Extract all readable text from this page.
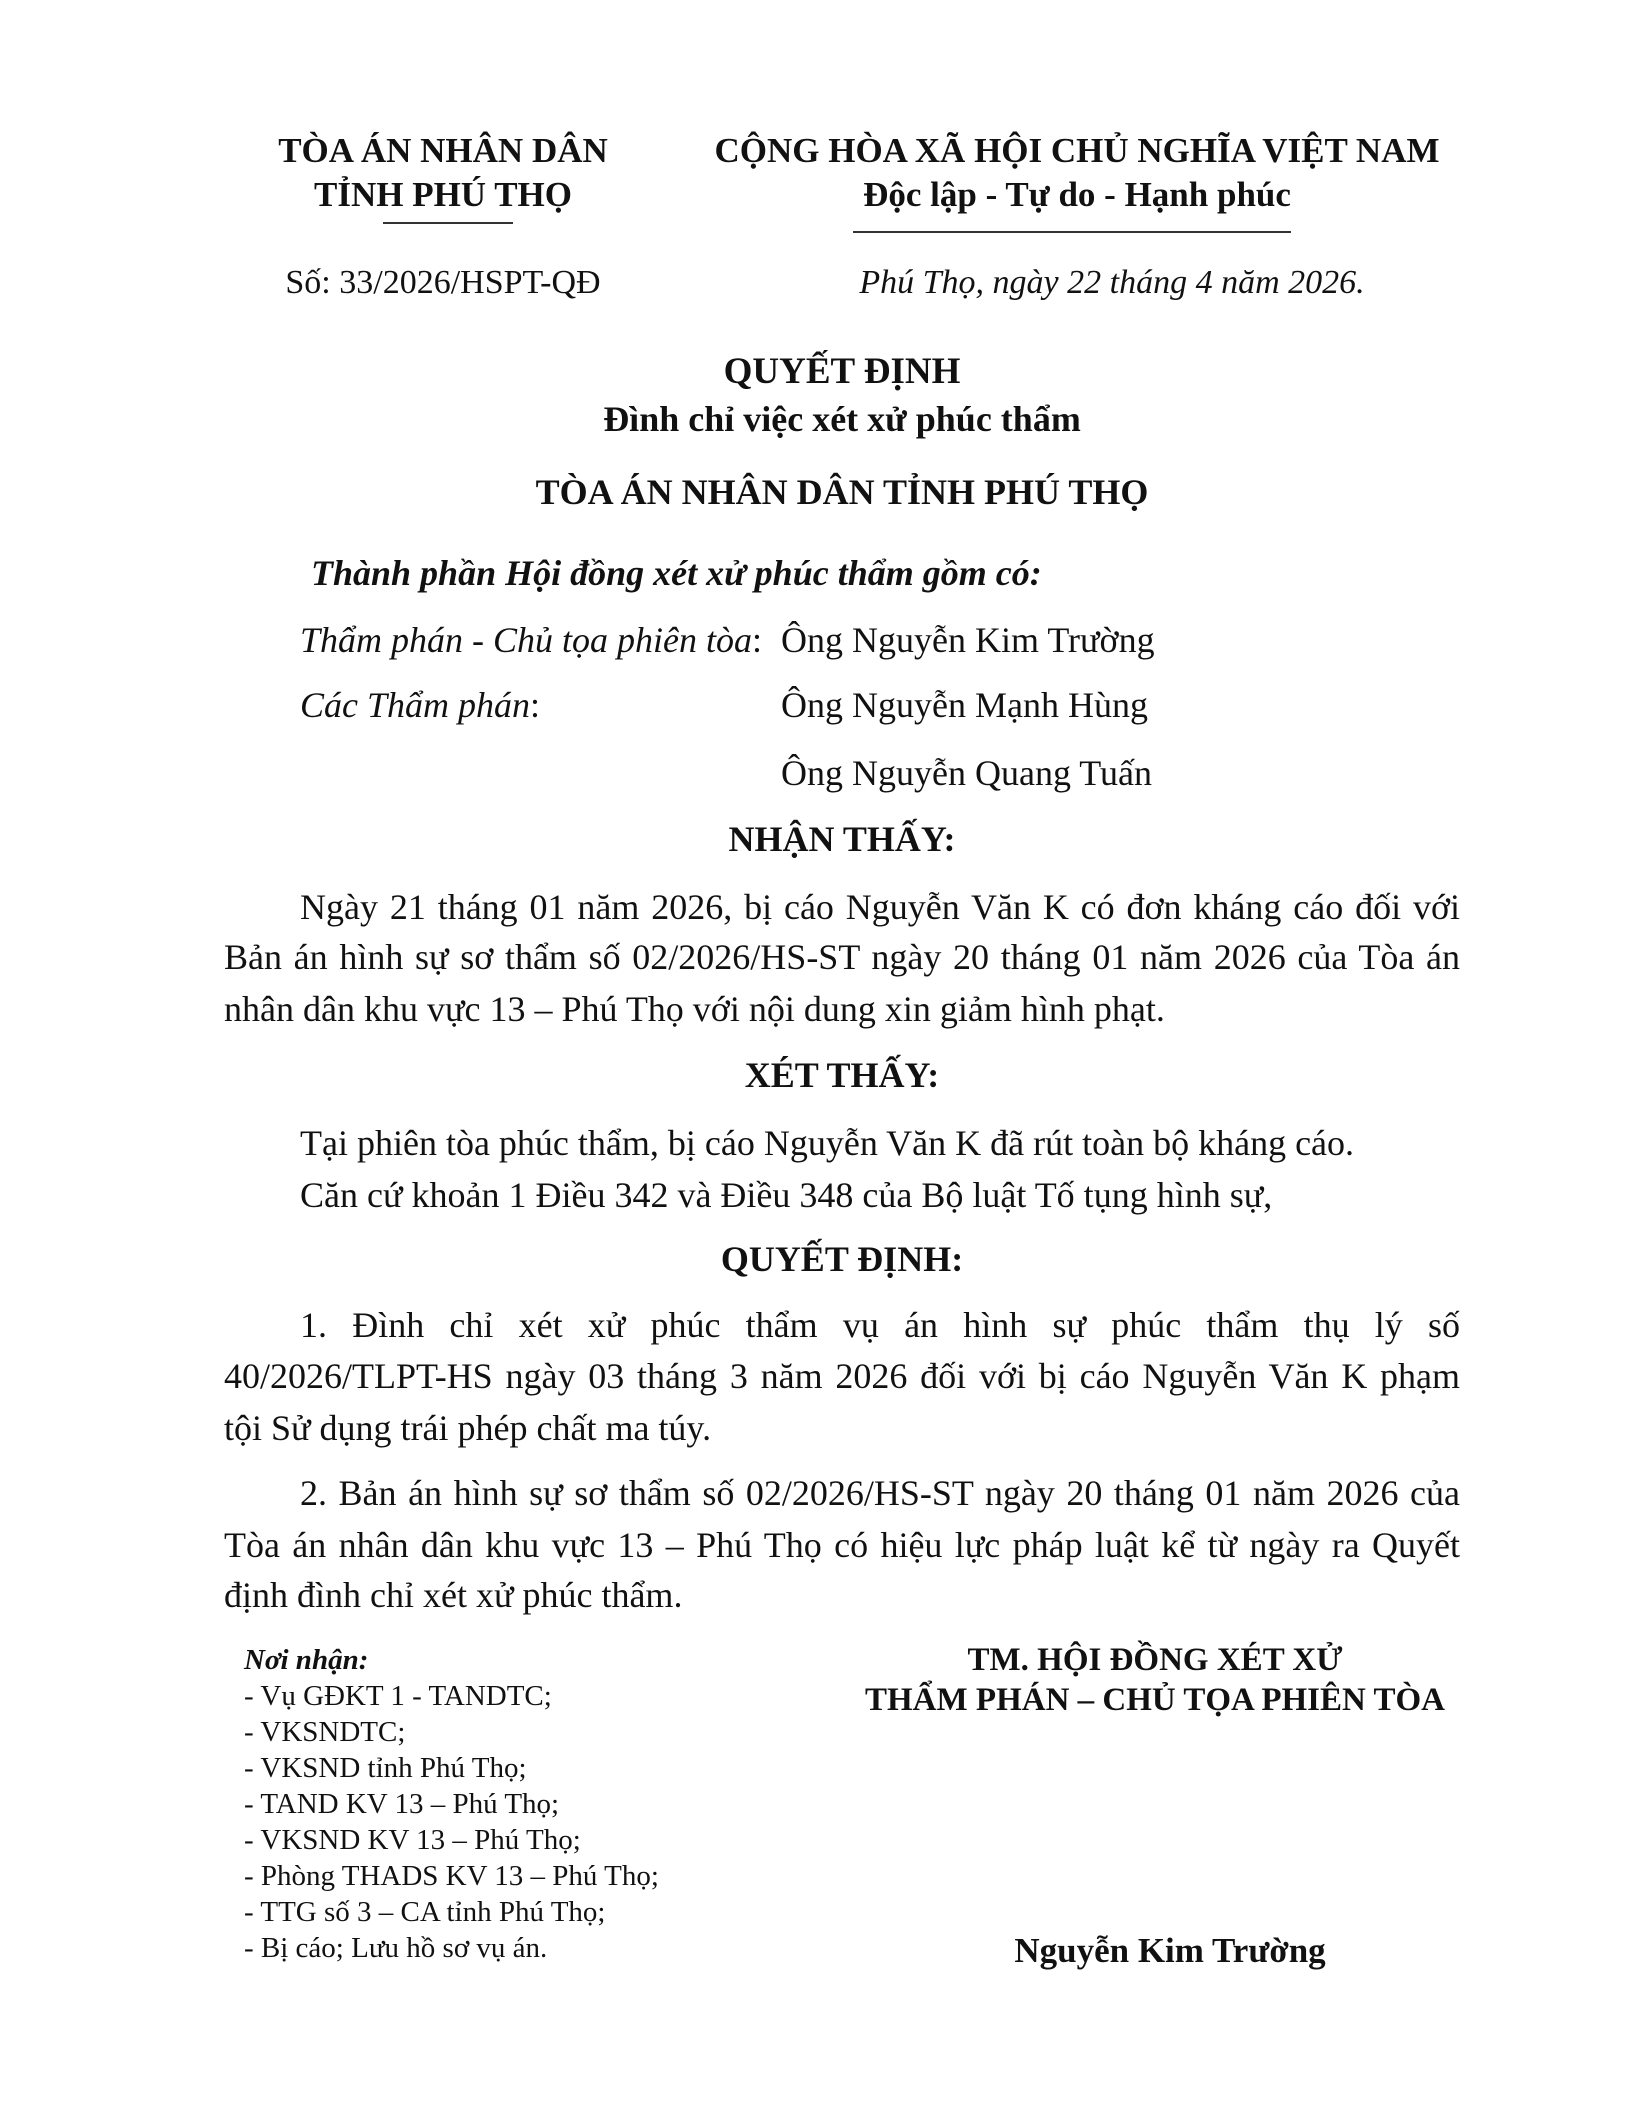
TÒA ÁN NHÂN DÂN
TỈNH PHÚ THỌ
CỘNG HÒA XÃ HỘI CHỦ NGHĨA VIỆT NAM
Độc lập - Tự do - Hạnh phúc
Số: 33/2026/HSPT-QĐ	Phú Thọ, ngày 22 tháng 4 năm 2026.
QUYẾT ĐỊNH
Đình chỉ việc xét xử phúc thẩm
TÒA ÁN NHÂN DÂN TỈNH PHÚ THỌ
Thành phần Hội đồng xét xử phúc thẩm gồm có:
Thẩm phán - Chủ tọa phiên tòa: Ông Nguyễn Kim Trường
Các Thẩm phán:	Ông Nguyễn Mạnh Hùng
Ông Nguyễn Quang Tuấn
NHẬN THẤY:
Ngày 21 tháng 01 năm 2026, bị cáo Nguyễn Văn K có đơn kháng cáo đối với
Bản án hình sự sơ thẩm số 02/2026/HS-ST ngày 20 tháng 01 năm 2026 của Tòa án
nhân dân khu vực 13 – Phú Thọ với nội dung xin giảm hình phạt.
XÉT THẤY:
Tại phiên tòa phúc thẩm, bị cáo Nguyễn Văn K đã rút toàn bộ kháng cáo.
Căn cứ khoản 1 Điều 342 và Điều 348 của Bộ luật Tố tụng hình sự,
QUYẾT ĐỊNH:
1. Đình chỉ xét xử phúc thẩm vụ án hình sự phúc thẩm thụ lý số
40/2026/TLPT-HS ngày 03 tháng 3 năm 2026 đối với bị cáo Nguyễn Văn K phạm
tội Sử dụng trái phép chất ma túy.
2. Bản án hình sự sơ thẩm số 02/2026/HS-ST ngày 20 tháng 01 năm 2026 của
Tòa án nhân dân khu vực 13 – Phú Thọ có hiệu lực pháp luật kể từ ngày ra Quyết
định đình chỉ xét xử phúc thẩm.
Nơi nhận:
- Vụ GĐKT 1 - TANDTC;
- VKSNDTC;
- VKSND tỉnh Phú Thọ;
- TAND KV 13 – Phú Thọ;
- VKSND KV 13 – Phú Thọ;
- Phòng THADS KV 13 – Phú Thọ;
- TTG số 3 – CA tỉnh Phú Thọ;
- Bị cáo; Lưu hồ sơ vụ án.
TM. HỘI ĐỒNG XÉT XỬ
THẨM PHÁN – CHỦ TỌA PHIÊN TÒA
Nguyễn Kim Trường
